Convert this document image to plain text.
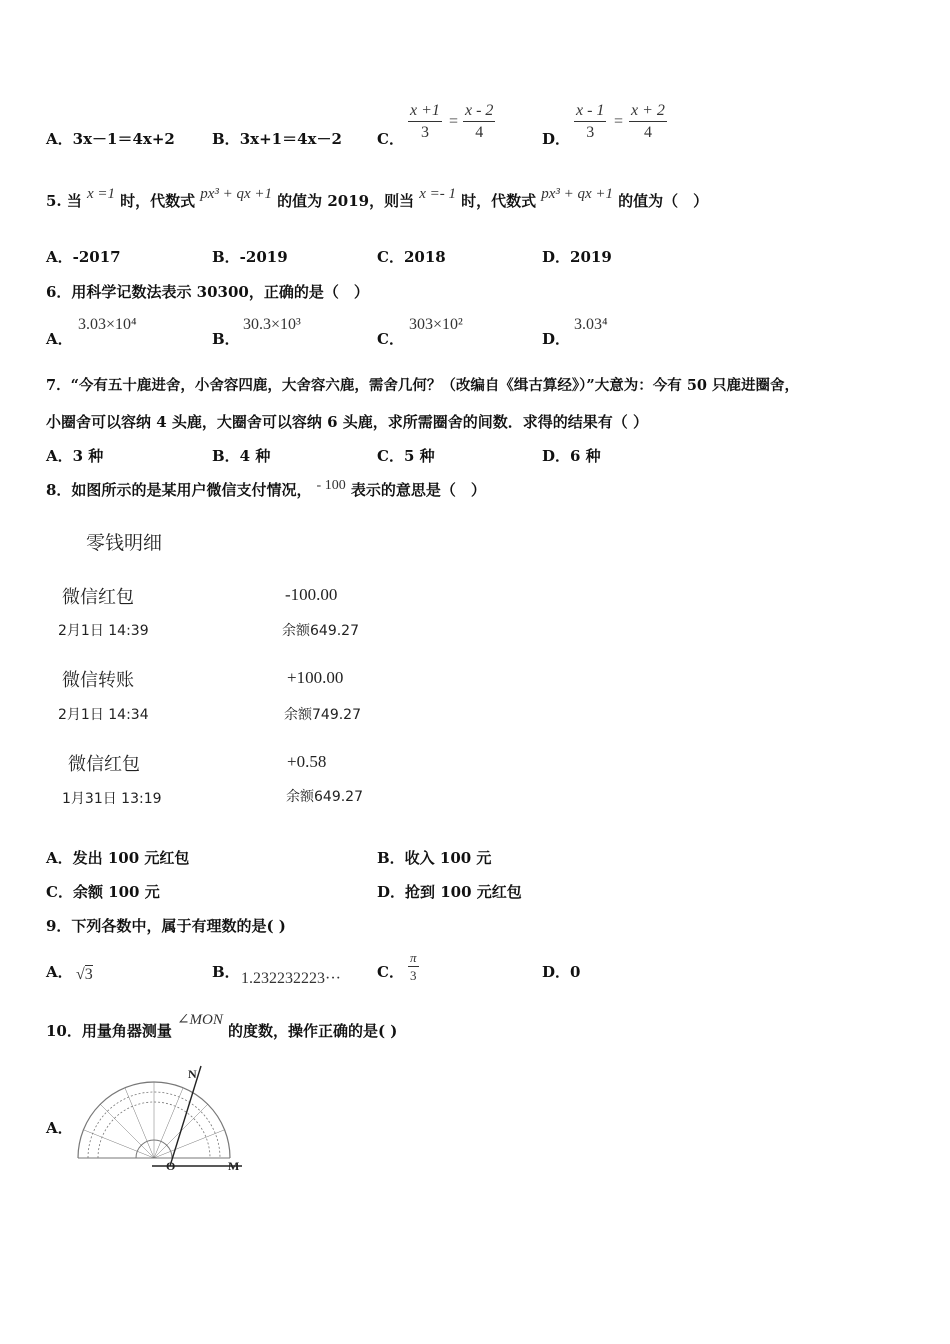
A．3x－1＝4x+2 B．3x+1＝4x－2 C． $\frac{x +1}{3} = \frac{x - 2}{4}$	D． $\frac{x - 1}{3} = \frac{x + 2}{4}$
5. 当 x =1 时，代数式 px³ + qx +1 的值为 2019，则当 x =- 1 时，代数式 px³ + qx +1 的值为（　）
A．-2017	B．-2019	C．2018	D．2019
6．用科学记数法表示 30300，正确的是（　）
A．
3.03×10⁴
B．
30.3×10³
C．
303×10²
D．
3.03⁴
7．“今有五十鹿进舍，小舍容四鹿，大舍容六鹿，需舍几何？（改编自《缉古算经》）”大意为：今有 50 只鹿进圈舍，
小圈舍可以容纳 4 头鹿，大圈舍可以容纳 6 头鹿，求所需圈舍的间数．求得的结果有（ ）
A．3 种	B．4 种	C．5 种	D．6 种
8．如图所示的是某用户微信支付情况， - 100 表示的意思是（　）
零钱明细
微信红包	-100.00
2月1日 14:39	余额649.27
微信转账	+100.00
2月1日 14:34	余额749.27
微信红包	+0.58
1月31日 13:19	余额649.27
A．发出 100 元红包	B．收入 100 元
C．余额 100 元	D．抢到 100 元红包
9．下列各数中，属于有理数的是( )
A． √3	B． 1.232232223··· C． $\frac{\pi}{3}$	D．0
10．用量角器测量 ∠MON 的度数，操作正确的是( )
A．
N
O	M
